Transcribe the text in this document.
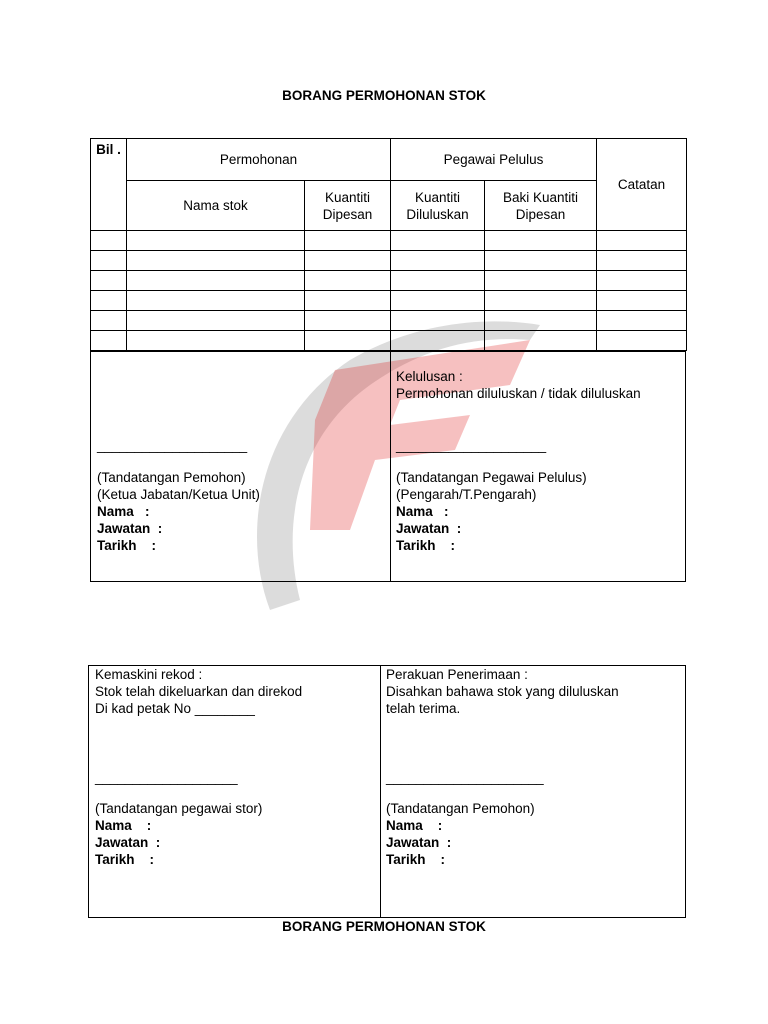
BORANG PERMOHONAN STOK
Bil .	Permohonan		Pegawai Pelulus		Catatan
	Nama stok	Kuantiti Dipesan	Kuantiti Diluluskan	Baki Kuantiti Dipesan	

____________________
(Tandatangan Pemohon)
(Ketua Jabatan/Ketua Unit)
Nama   :
Jawatan  :
Tarikh    :
Kelulusan :
Permohonan diluluskan / tidak diluluskan
____________________
(Tandatangan Pegawai Pelulus)
(Pengarah/T.Pengarah)
Nama   :
Jawatan  :
Tarikh    :
Kemaskini rekod :
Stok telah dikeluarkan dan direkod
Di kad petak No ________
___________________
(Tandatangan pegawai stor)
Nama    :
Jawatan  :
Tarikh    :
Perakuan Penerimaan :
Disahkan bahawa stok yang diluluskan
telah terima.
_____________________
(Tandatangan Pemohon)
Nama    :
Jawatan  :
Tarikh    :
BORANG PERMOHONAN STOK
